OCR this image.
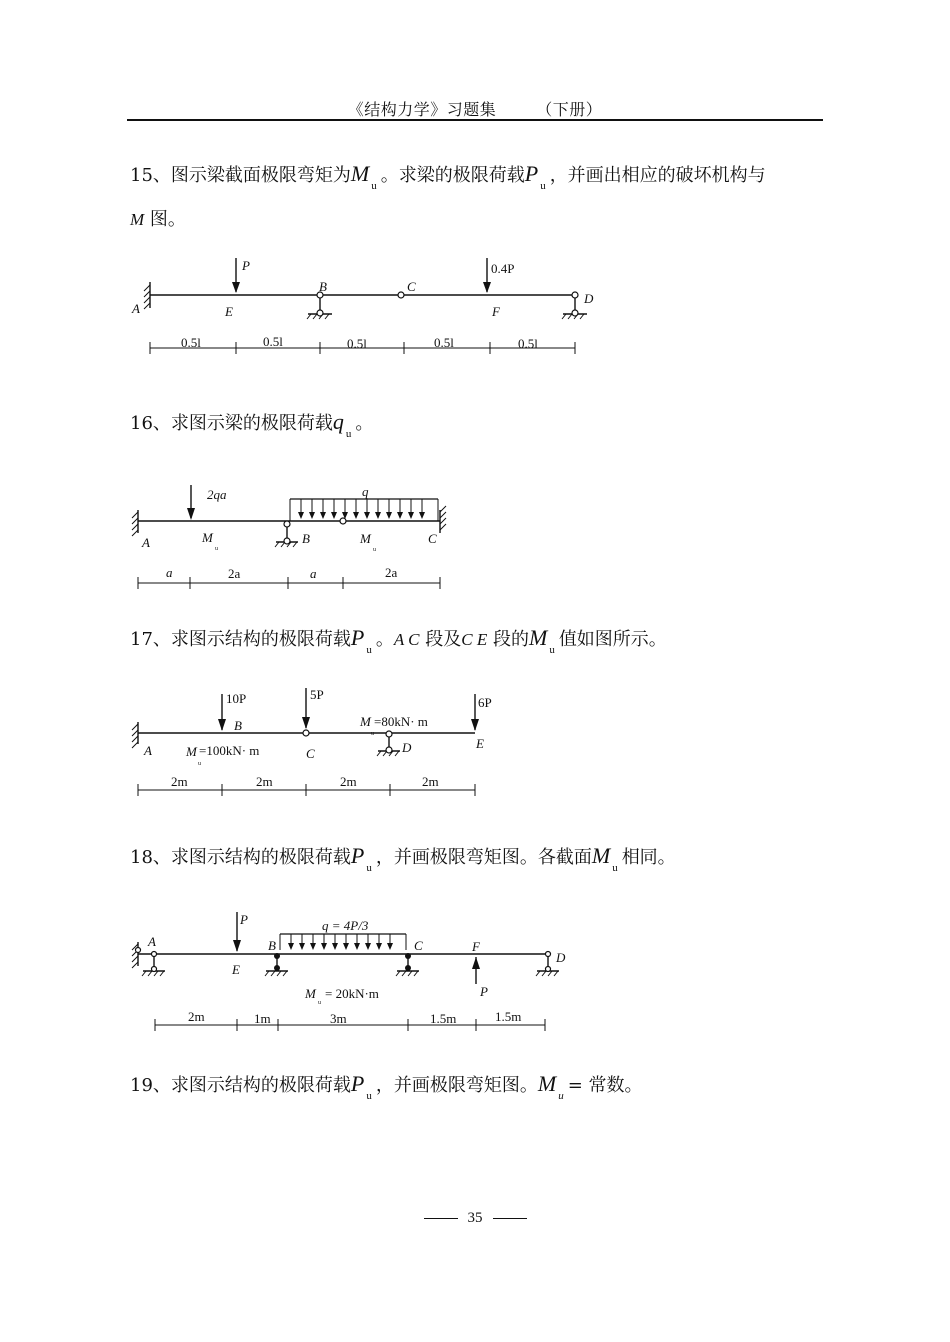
《结构力学》习题集	（下册）
15、图示梁截面极限弯矩为M $_u$ 。求梁的极限荷载P $_u$ ，并画出相应的破坏机构与
M 图。
A	E
B	C
F
D
P	0.4P
0.5l	0.5l	0.5l	0.5l	0.5l
16、求图示梁的极限荷载q $_u$ 。
A	B	C
2qa	q
M	M
u	u
a	2a	a	2a
17、求图示结构的极限荷载P $_u$ 。A C 段及C E 段的M $_u$ 值如图所示。
A
B
C	D	E
M
M
10P	5P
6P
=100kN· m
=80kN· m
2m	2m	2m	2m
u
u
18、求图示结构的极限荷载P $_u$ ，并画极限弯矩图。各截面M $_u$ 相同。
A	B	C
D
E
F
P	q = 4P/3
P
M = 20kN·m
u
2m	1m	3m	1.5m	1.5m
19、求图示结构的极限荷载P $_u$ ，并画极限弯矩图。M $_u$ = 常数。
35
